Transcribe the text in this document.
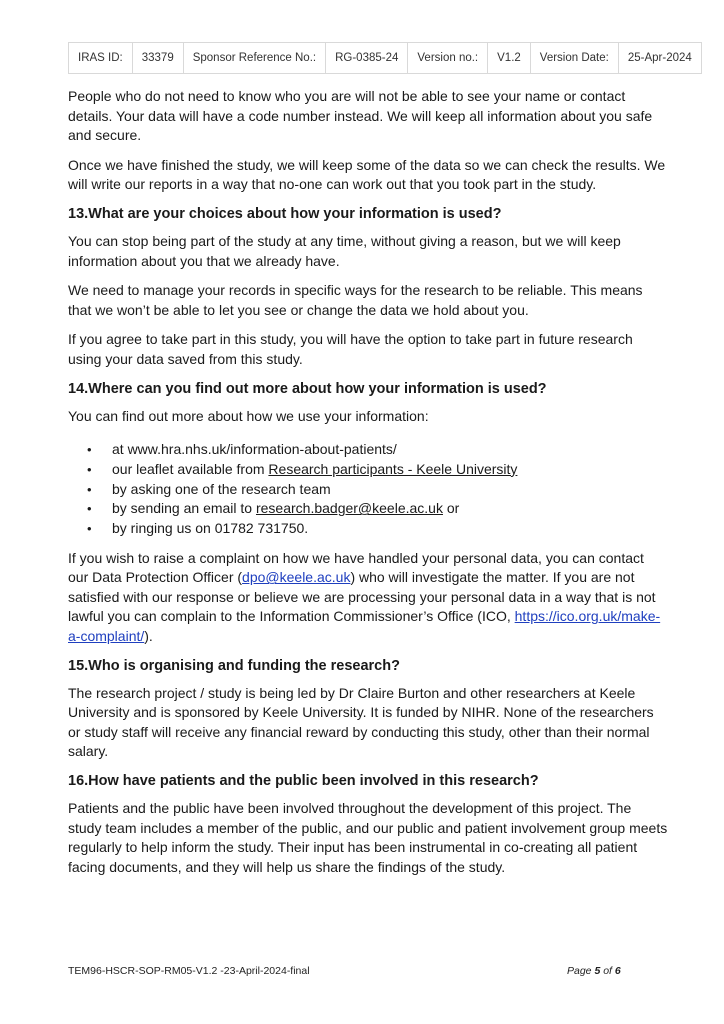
IRAS ID:	33379	Sponsor Reference No.:	RG-0385-24	Version no.:	V1.2	Version Date:	25-Apr-2024

People who do not need to know who you are will not be able to see your name or contact details. Your data will have a code number instead. We will keep all information about you safe and secure.

Once we have finished the study, we will keep some of the data so we can check the results. We will write our reports in a way that no-one can work out that you took part in the study.

13.What are your choices about how your information is used?

You can stop being part of the study at any time, without giving a reason, but we will keep information about you that we already have.

We need to manage your records in specific ways for the research to be reliable. This means that we won’t be able to let you see or change the data we hold about you.

If you agree to take part in this study, you will have the option to take part in future research using your data saved from this study.

14.Where can you find out more about how your information is used?

You can find out more about how we use your information:

• at www.hra.nhs.uk/information-about-patients/
• our leaflet available from Research participants - Keele University
• by asking one of the research team
• by sending an email to research.badger@keele.ac.uk or
• by ringing us on 01782 731750.

If you wish to raise a complaint on how we have handled your personal data, you can contact our Data Protection Officer (dpo@keele.ac.uk) who will investigate the matter. If you are not satisfied with our response or believe we are processing your personal data in a way that is not lawful you can complain to the Information Commissioner’s Office (ICO, https://ico.org.uk/make-a-complaint/).

15.Who is organising and funding the research?

The research project / study is being led by Dr Claire Burton and other researchers at Keele University and is sponsored by Keele University. It is funded by NIHR. None of the researchers or study staff will receive any financial reward by conducting this study, other than their normal salary.

16.How have patients and the public been involved in this research?

Patients and the public have been involved throughout the development of this project. The study team includes a member of the public, and our public and patient involvement group meets regularly to help inform the study. Their input has been instrumental in co-creating all patient facing documents, and they will help us share the findings of the study.

TEM96-HSCR-SOP-RM05-V1.2 -23-April-2024-final	Page 5 of 6
